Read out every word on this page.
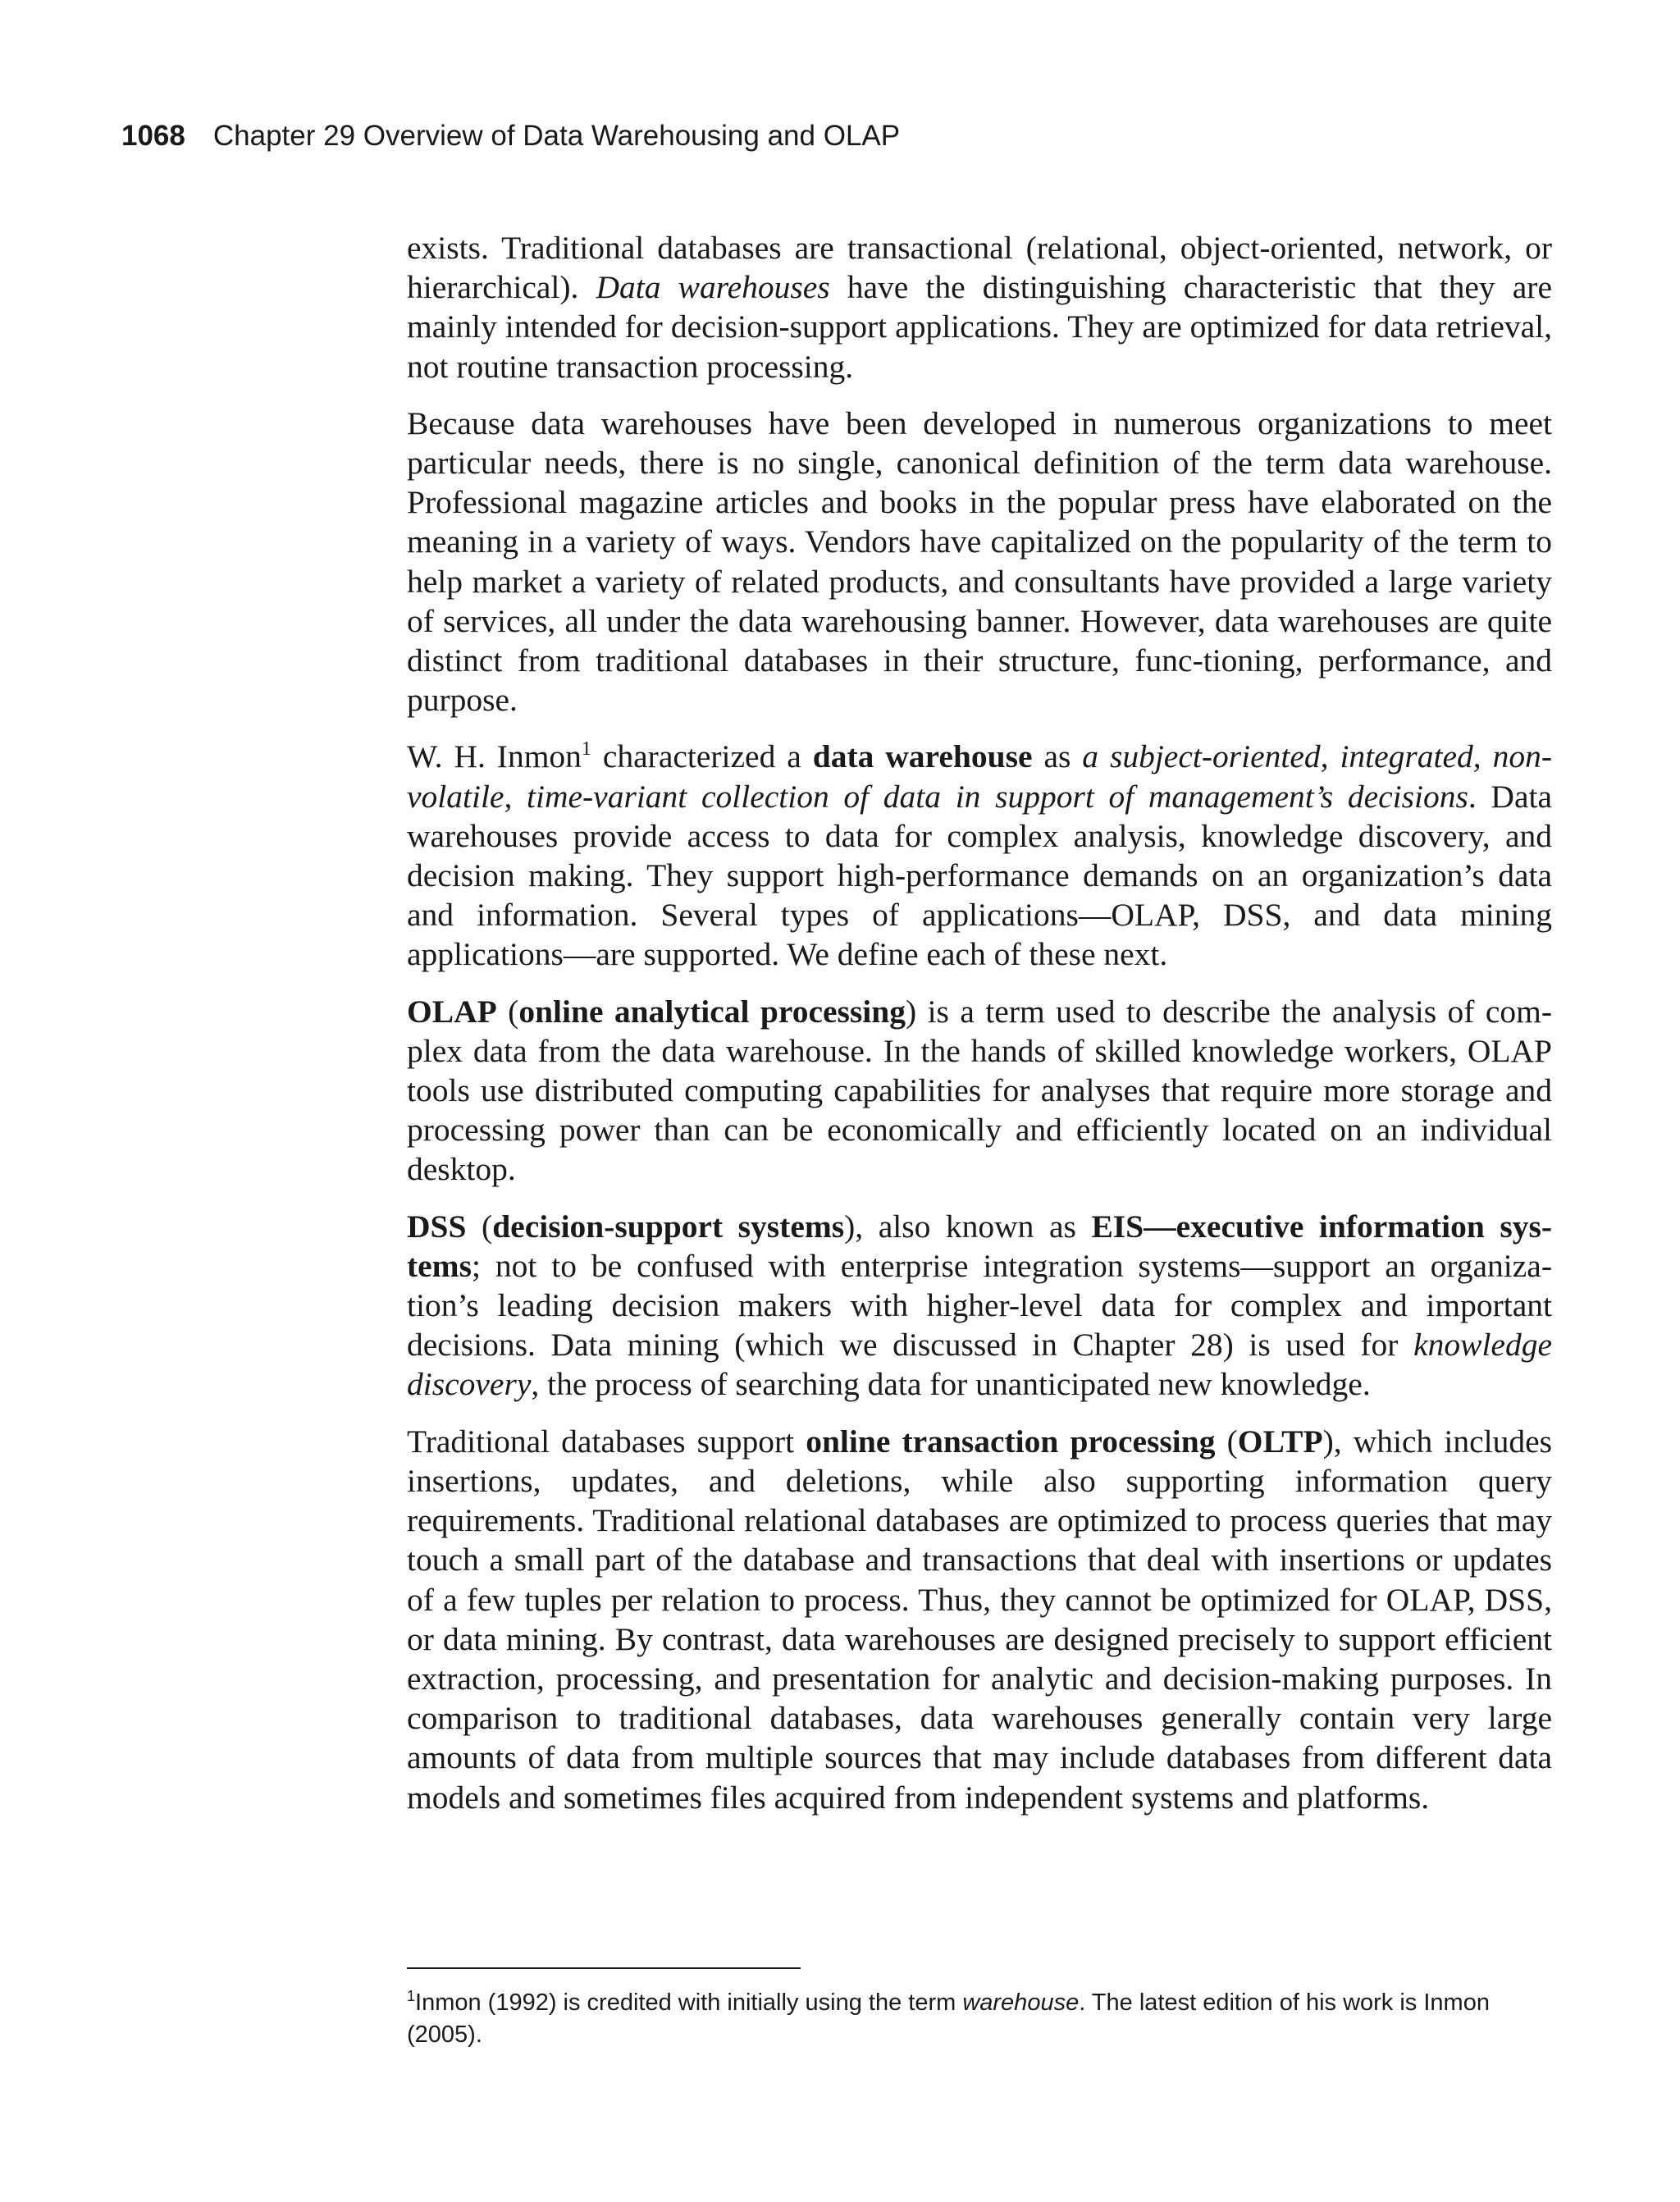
1068 Chapter 29 Overview of Data Warehousing and OLAP

exists. Traditional databases are transactional (relational, object-oriented, network, or hierarchical). Data warehouses have the distinguishing characteristic that they are mainly intended for decision-support applications. They are optimized for data retrieval, not routine transaction processing.

Because data warehouses have been developed in numerous organizations to meet particular needs, there is no single, canonical definition of the term data warehouse. Professional magazine articles and books in the popular press have elaborated on the meaning in a variety of ways. Vendors have capitalized on the popularity of the term to help market a variety of related products, and consultants have provided a large variety of services, all under the data warehousing banner. However, data warehouses are quite distinct from traditional databases in their structure, func-tioning, performance, and purpose.

W. H. Inmon$^1$ characterized a data warehouse as a subject-oriented, integrated, non-volatile, time-variant collection of data in support of management’s decisions. Data warehouses provide access to data for complex analysis, knowledge discovery, and decision making. They support high-performance demands on an organization’s data and information. Several types of applications—OLAP, DSS, and data mining applications—are supported. We define each of these next.

OLAP (online analytical processing) is a term used to describe the analysis of com-plex data from the data warehouse. In the hands of skilled knowledge workers, OLAP tools use distributed computing capabilities for analyses that require more storage and processing power than can be economically and efficiently located on an individual desktop.

DSS (decision-support systems), also known as EIS—executive information sys-tems; not to be confused with enterprise integration systems—support an organiza-tion’s leading decision makers with higher-level data for complex and important decisions. Data mining (which we discussed in Chapter 28) is used for knowledge discovery, the process of searching data for unanticipated new knowledge.

Traditional databases support online transaction processing (OLTP), which includes insertions, updates, and deletions, while also supporting information query requirements. Traditional relational databases are optimized to process queries that may touch a small part of the database and transactions that deal with insertions or updates of a few tuples per relation to process. Thus, they cannot be optimized for OLAP, DSS, or data mining. By contrast, data warehouses are designed precisely to support efficient extraction, processing, and presentation for analytic and decision-making purposes. In comparison to traditional databases, data warehouses generally contain very large amounts of data from multiple sources that may include databases from different data models and sometimes files acquired from independent systems and platforms.

$^1$Inmon (1992) is credited with initially using the term warehouse. The latest edition of his work is Inmon (2005).
